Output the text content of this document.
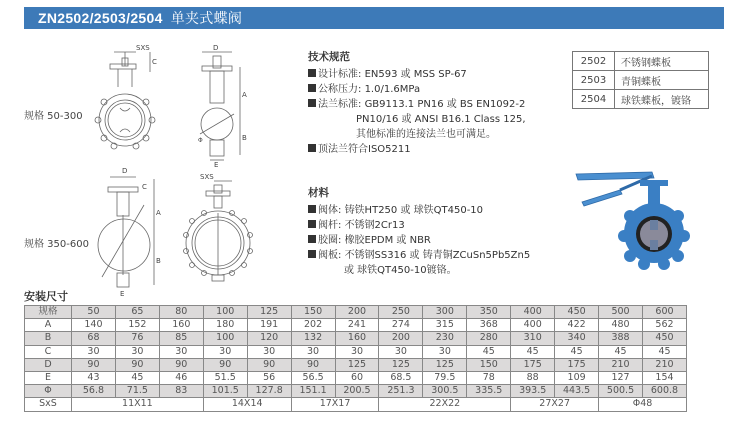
ZN2502/2503/2504 单夹式蝶阀
规格 50-300
规格 350-600
SXS
C
D
Φ
A
B
E
D
C
A
B
E
SXS
技术规范
设计标准: EN593 或 MSS SP-67
公称压力: 1.0/1.6MPa
法兰标准: GB9113.1 PN16 或 BS EN1092-2
PN10/16 或 ANSI B16.1 Class 125,
其他标准的连接法兰也可满足。
顶法兰符合ISO5211
材料
阀体: 铸铁HT250 或 球铁QT450-10
阀杆: 不锈钢2Cr13
胶圈: 橡胶EPDM 或 NBR
阀板: 不锈钢SS316 或 铸青铜ZCuSn5Pb5Zn5
或 球铁QT450-10镀铬。
2502	不锈钢蝶板
2503	青铜蝶板
2504	球铁蝶板，镀铬
安装尺寸
规格	50	65	80	100	125	150	200	250	300	350	400	450	500	600
A	140	152	160	180	191	202	241	274	315	368	400	422	480	562
B	68	76	85	100	120	132	160	200	230	280	310	340	388	450
C	30	30	30	30	30	30	30	30	30	45	45	45	45	45
D	90	90	90	90	90	90	125	125	125	150	175	175	210	210
E	43	45	46	51.5	56	56.5	60	68.5	79.5	78	88	109	127	154
Φ	56.8	71.5	83	101.5	127.8	151.1	200.5	251.3	300.5	335.5	393.5	443.5	500.5	600.8
SxS	11X11			14X14		17X17		22X22			27X27		Φ48	
